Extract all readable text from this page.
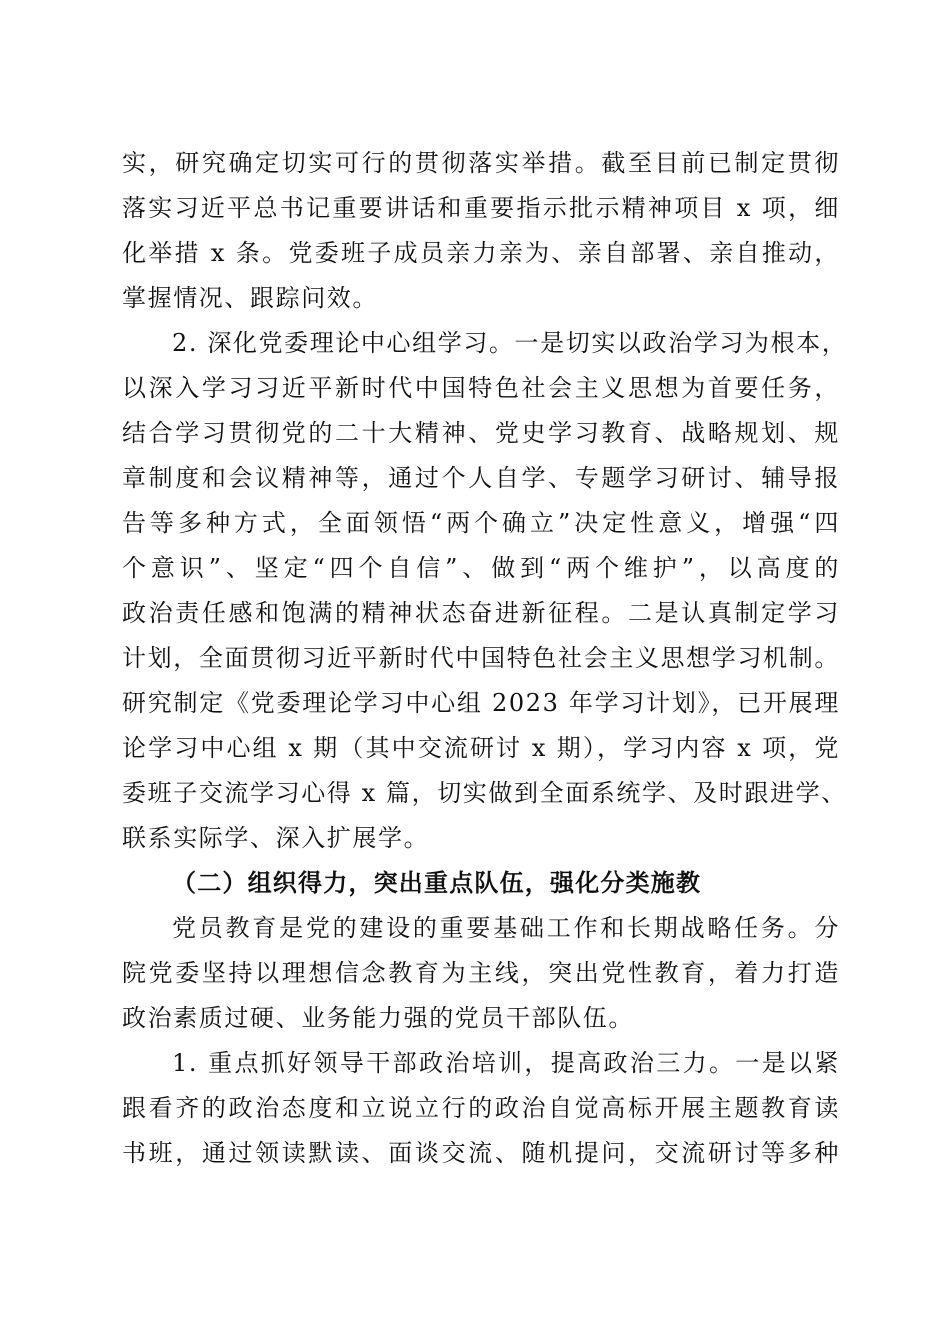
实，研究确定切实可行的贯彻落实举措。截至目前已制定贯彻
落实习近平总书记重要讲话和重要指示批示精神项目 x 项，细
化举措 x 条。党委班子成员亲力亲为、亲自部署、亲自推动，
掌握情况、跟踪问效。
2. 深化党委理论中心组学习。一是切实以政治学习为根本，
以深入学习习近平新时代中国特色社会主义思想为首要任务，
结合学习贯彻党的二十大精神、党史学习教育、战略规划、规
章制度和会议精神等，通过个人自学、专题学习研讨、辅导报
告等多种方式，全面领悟“两个确立”决定性意义，增强“四
个意识”、坚定“四个自信”、做到“两个维护”，以高度的
政治责任感和饱满的精神状态奋进新征程。二是认真制定学习
计划，全面贯彻习近平新时代中国特色社会主义思想学习机制。
研究制定《党委理论学习中心组 2023 年学习计划》，已开展理
论学习中心组 x 期（其中交流研讨 x 期），学习内容 x 项，党
委班子交流学习心得 x 篇，切实做到全面系统学、及时跟进学、
联系实际学、深入扩展学。
（二）组织得力，突出重点队伍，强化分类施教
党员教育是党的建设的重要基础工作和长期战略任务。分
院党委坚持以理想信念教育为主线，突出党性教育，着力打造
政治素质过硬、业务能力强的党员干部队伍。
1. 重点抓好领导干部政治培训，提高政治三力。一是以紧
跟看齐的政治态度和立说立行的政治自觉高标开展主题教育读
书班，通过领读默读、面谈交流、随机提问，交流研讨等多种
